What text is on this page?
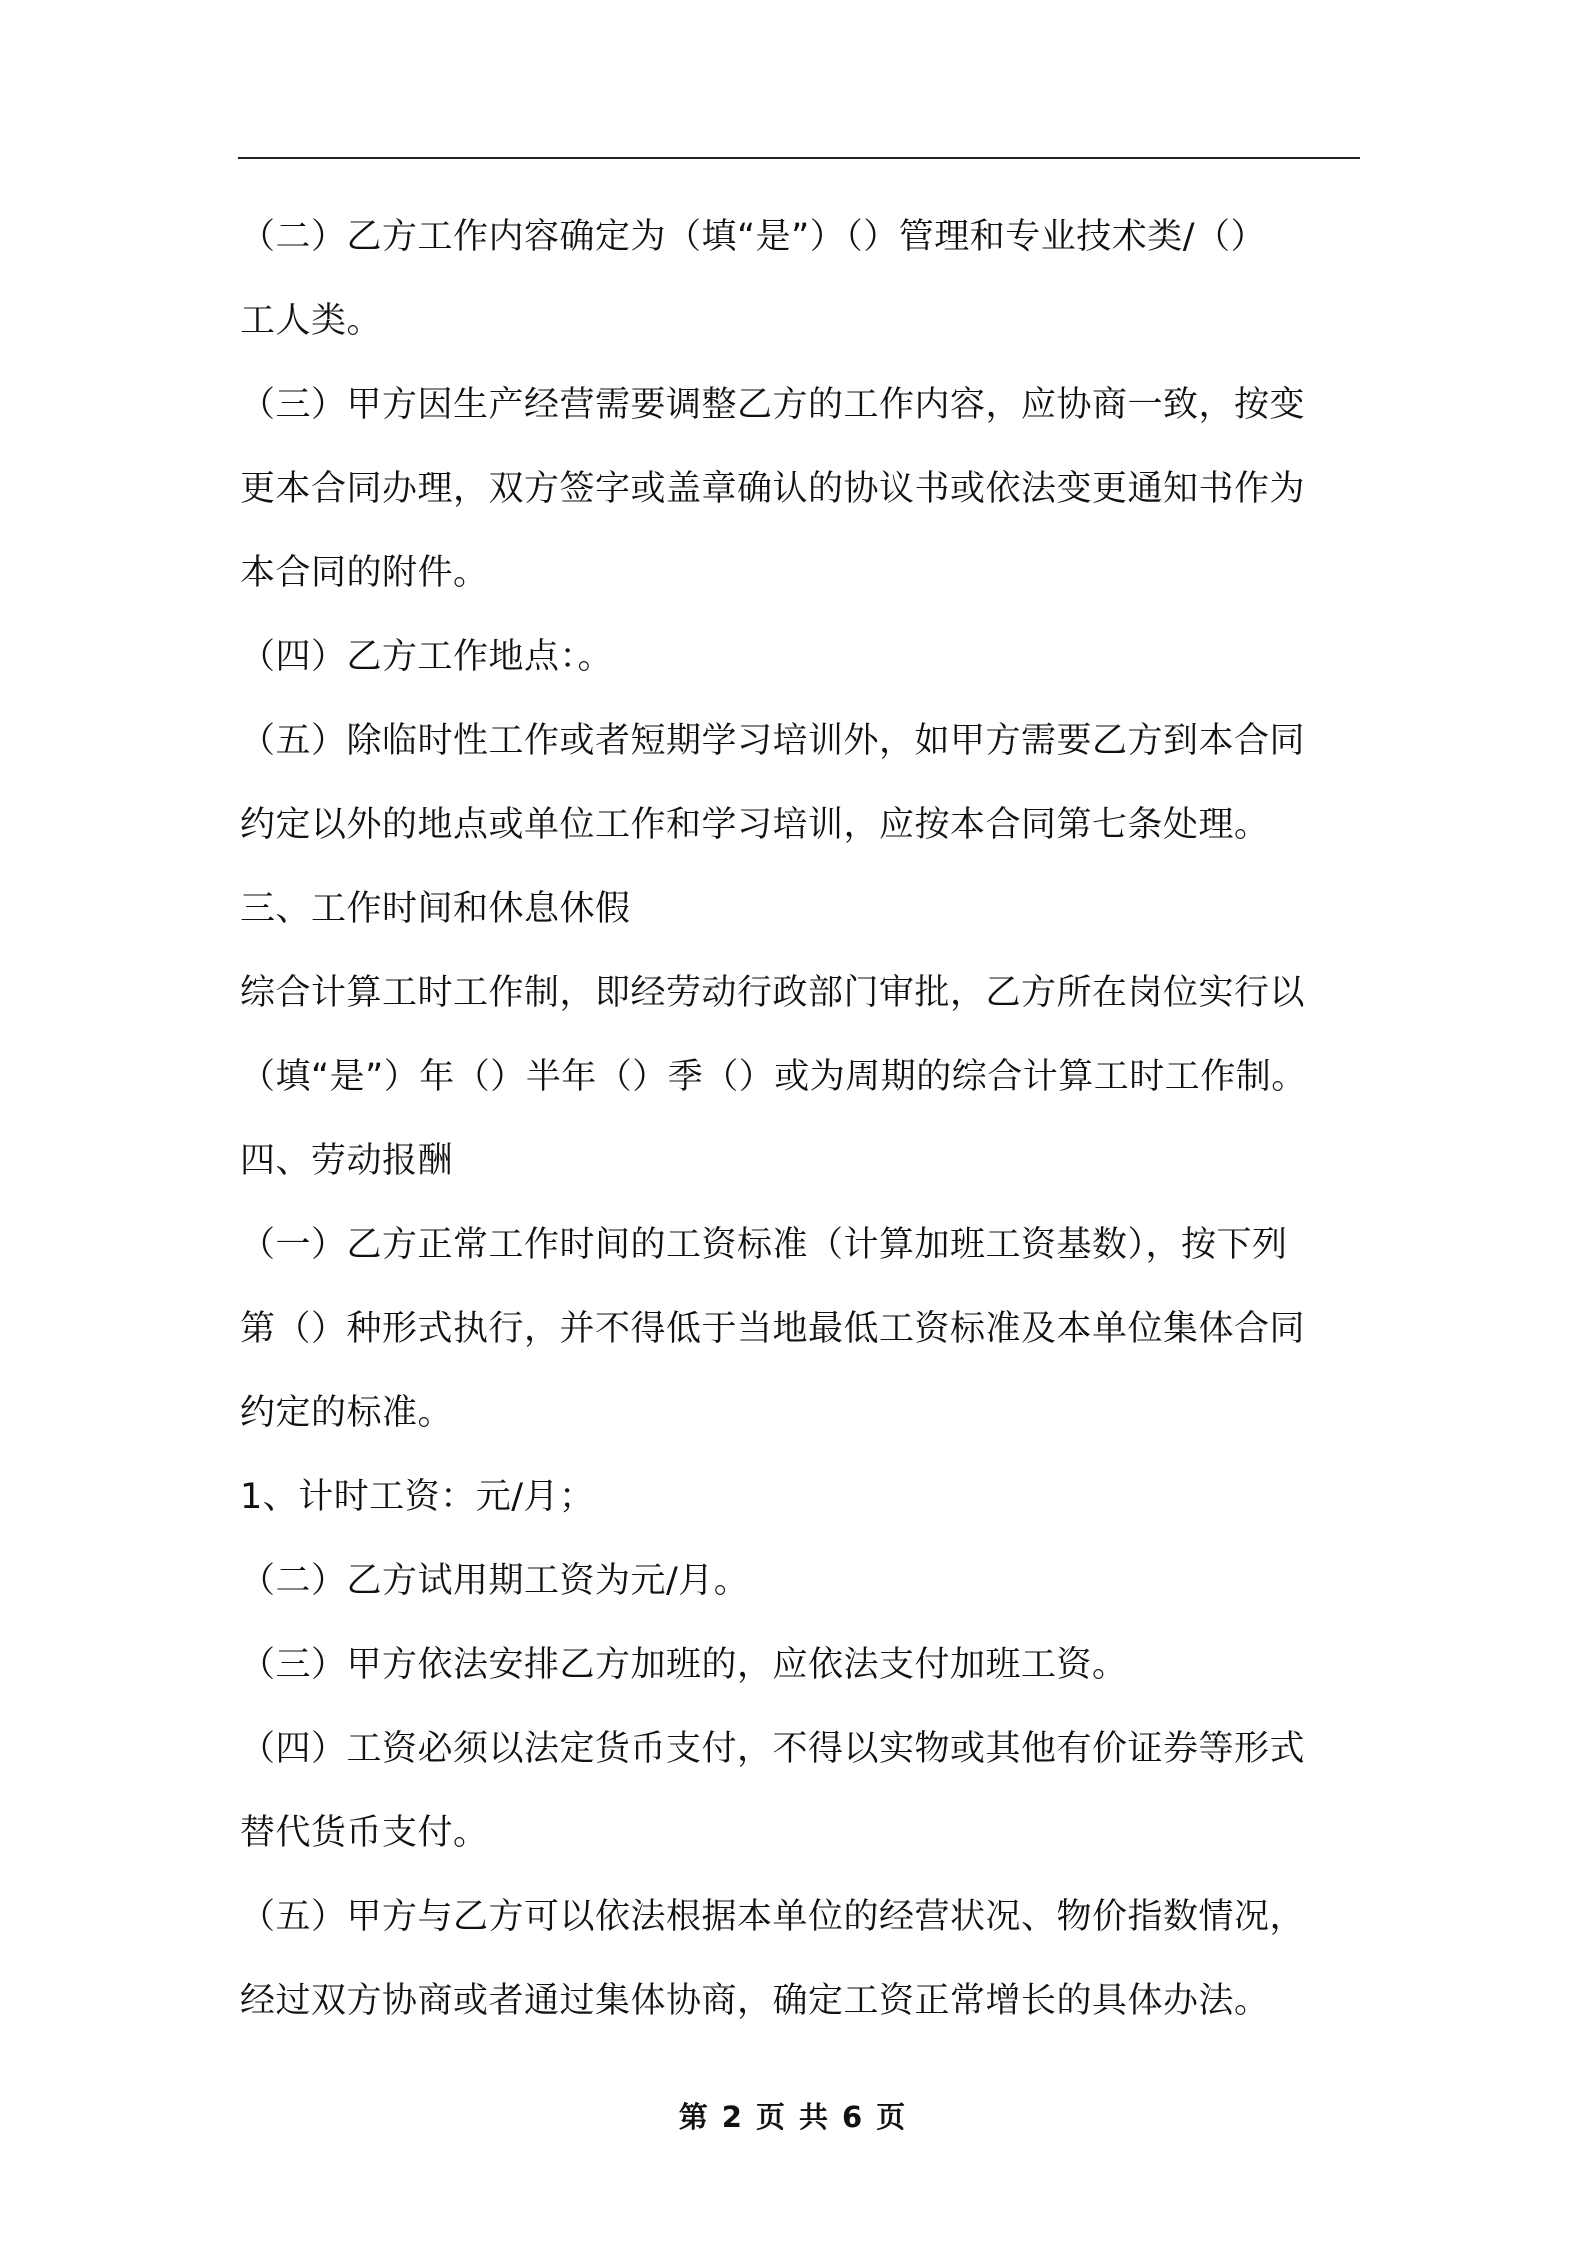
（二）乙方工作内容确定为（填“是”）（）管理和专业技术类/（）
工人类。
（三）甲方因生产经营需要调整乙方的工作内容，应协商一致，按变
更本合同办理，双方签字或盖章确认的协议书或依法变更通知书作为
本合同的附件。
（四）乙方工作地点：。
（五）除临时性工作或者短期学习培训外，如甲方需要乙方到本合同
约定以外的地点或单位工作和学习培训，应按本合同第七条处理。
三、工作时间和休息休假
综合计算工时工作制，即经劳动行政部门审批，乙方所在岗位实行以
（填“是”）年（）半年（）季（）或为周期的综合计算工时工作制。
四、劳动报酬
（一）乙方正常工作时间的工资标准（计算加班工资基数），按下列
第（）种形式执行，并不得低于当地最低工资标准及本单位集体合同
约定的标准。
1、计时工资：元/月；
（二）乙方试用期工资为元/月。
（三）甲方依法安排乙方加班的，应依法支付加班工资。
（四）工资必须以法定货币支付，不得以实物或其他有价证券等形式
替代货币支付。
（五）甲方与乙方可以依法根据本单位的经营状况、物价指数情况，
经过双方协商或者通过集体协商，确定工资正常增长的具体办法。
第 2 页 共 6 页
